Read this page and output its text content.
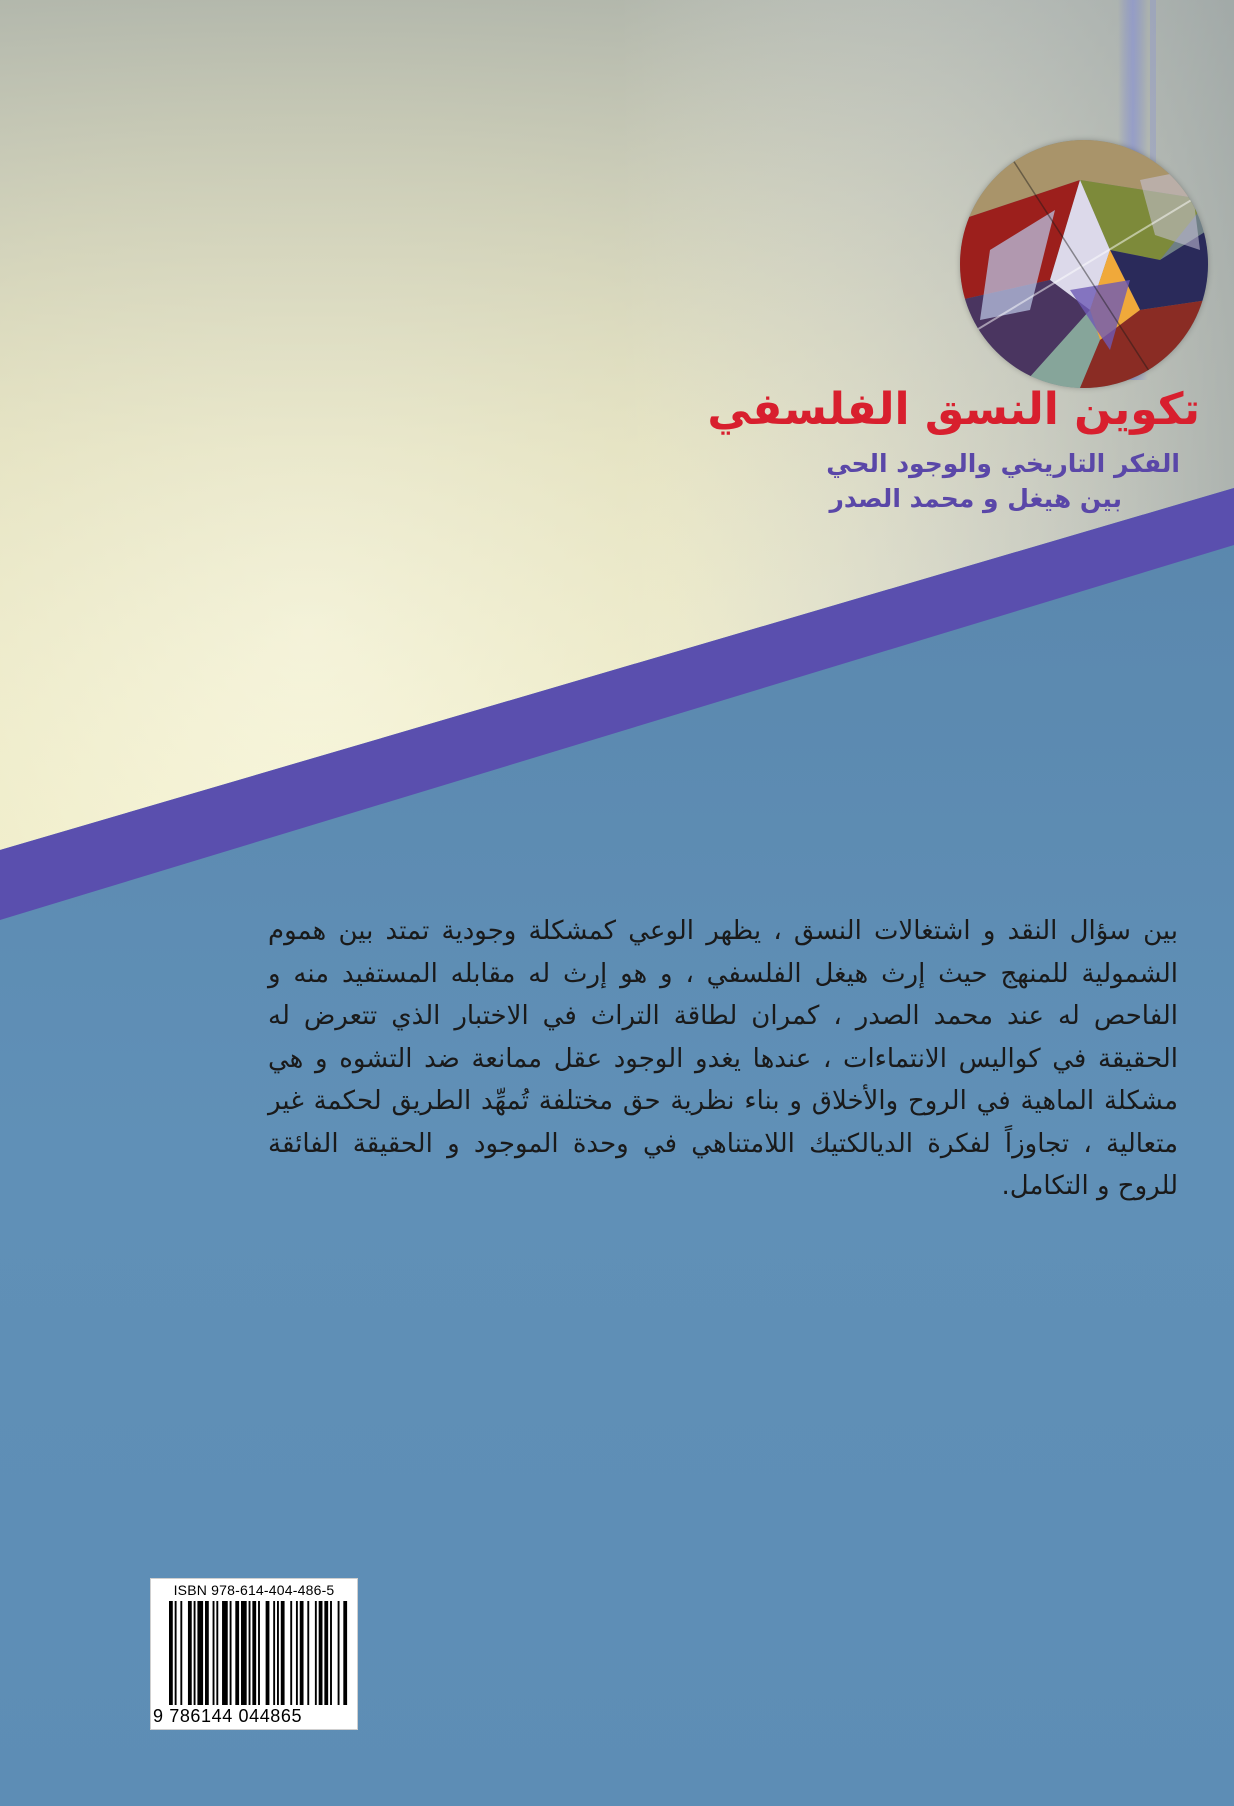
تكوين النسق الفلسفي
الفكر التاريخي والوجود الحي
بين هيغل و محمد الصدر

بين سؤال النقد و اشتغالات النسق ، يظهر الوعي كمشكلة وجودية تمتد بين هموم الشمولية للمنهج حيث إرث هيغل الفلسفي ، و هو إرث له مقابله المستفيد منه و الفاحص له عند محمد الصدر ، كمران لطاقة التراث في الاختبار الذي تتعرض له الحقيقة في كواليس الانتماءات ، عندها يغدو الوجود عقل ممانعة ضد التشوه و هي مشكلة الماهية في الروح والأخلاق و بناء نظرية حق مختلفة تُمهِّد الطريق لحكمة غير متعالية ، تجاوزاً لفكرة الديالكتيك اللامتناهي في وحدة الموجود و الحقيقة الفائقة للروح و التكامل.

ISBN 978-614-404-486-5
9 786144 044865
